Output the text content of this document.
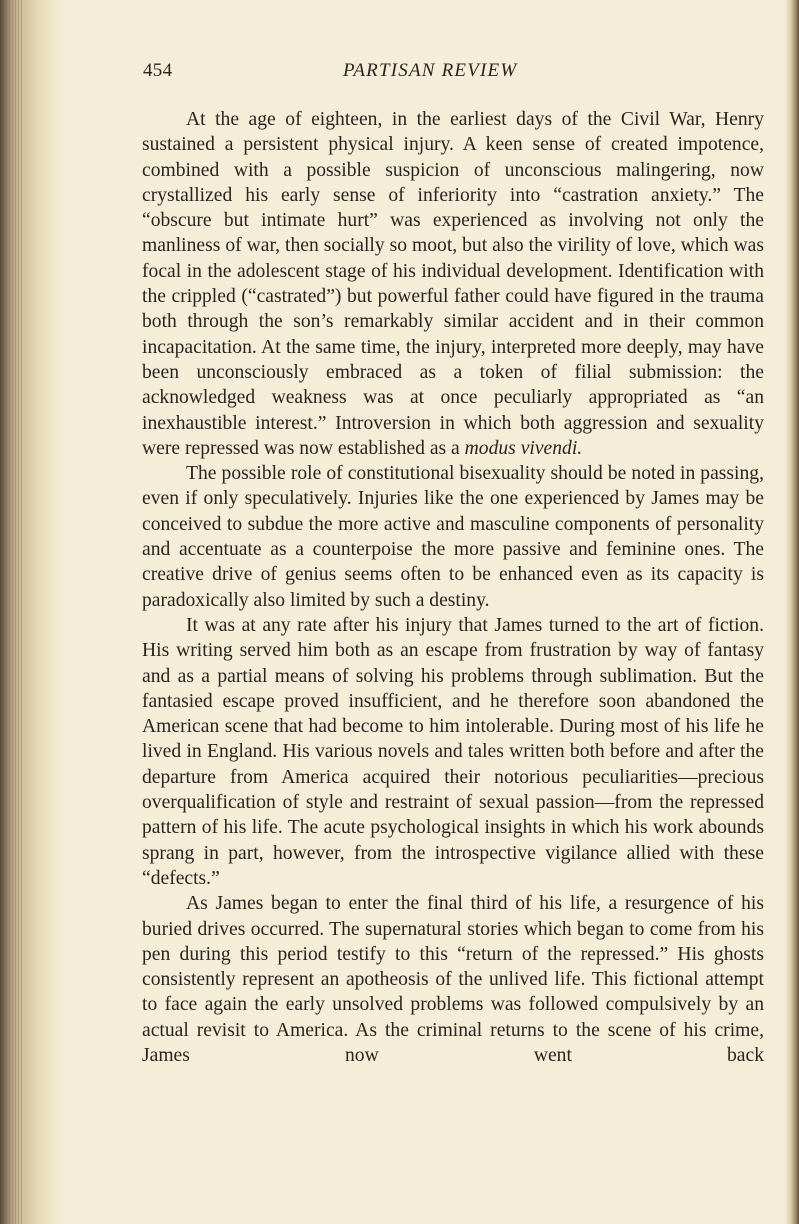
454	PARTISAN REVIEW

At the age of eighteen, in the earliest days of the Civil War, Henry sustained a persistent physical injury. A keen sense of created impotence, combined with a possible suspicion of unconscious malingering, now crystallized his early sense of inferiority into “castration anxiety.” The “obscure but intimate hurt” was experienced as involving not only the manliness of war, then socially so moot, but also the virility of love, which was focal in the adolescent stage of his individual development. Identification with the crippled (“castrated”) but powerful father could have figured in the trauma both through the son’s remarkably similar accident and in their common incapacitation. At the same time, the injury, interpreted more deeply, may have been unconsciously embraced as a token of filial submission: the acknowledged weakness was at once peculiarly appropriated as “an inexhaustible interest.” Introversion in which both aggression and sexuality were repressed was now established as a modus vivendi.

The possible role of constitutional bisexuality should be noted in passing, even if only speculatively. Injuries like the one experienced by James may be conceived to subdue the more active and masculine components of personality and accentuate as a counterpoise the more passive and feminine ones. The creative drive of genius seems often to be enhanced even as its capacity is paradoxically also limited by such a destiny.

It was at any rate after his injury that James turned to the art of fiction. His writing served him both as an escape from frustration by way of fantasy and as a partial means of solving his problems through sublimation. But the fantasied escape proved insufficient, and he therefore soon abandoned the American scene that had become to him intolerable. During most of his life he lived in England. His various novels and tales written both before and after the departure from America acquired their notorious peculiarities—precious overqualification of style and restraint of sexual passion—from the repressed pattern of his life. The acute psychological insights in which his work abounds sprang in part, however, from the introspective vigilance allied with these “defects.”

As James began to enter the final third of his life, a resurgence of his buried drives occurred. The supernatural stories which began to come from his pen during this period testify to this “return of the repressed.” His ghosts consistently represent an apotheosis of the unlived life. This fictional attempt to face again the early unsolved problems was followed compulsively by an actual revisit to America. As the criminal returns to the scene of his crime, James now went back
